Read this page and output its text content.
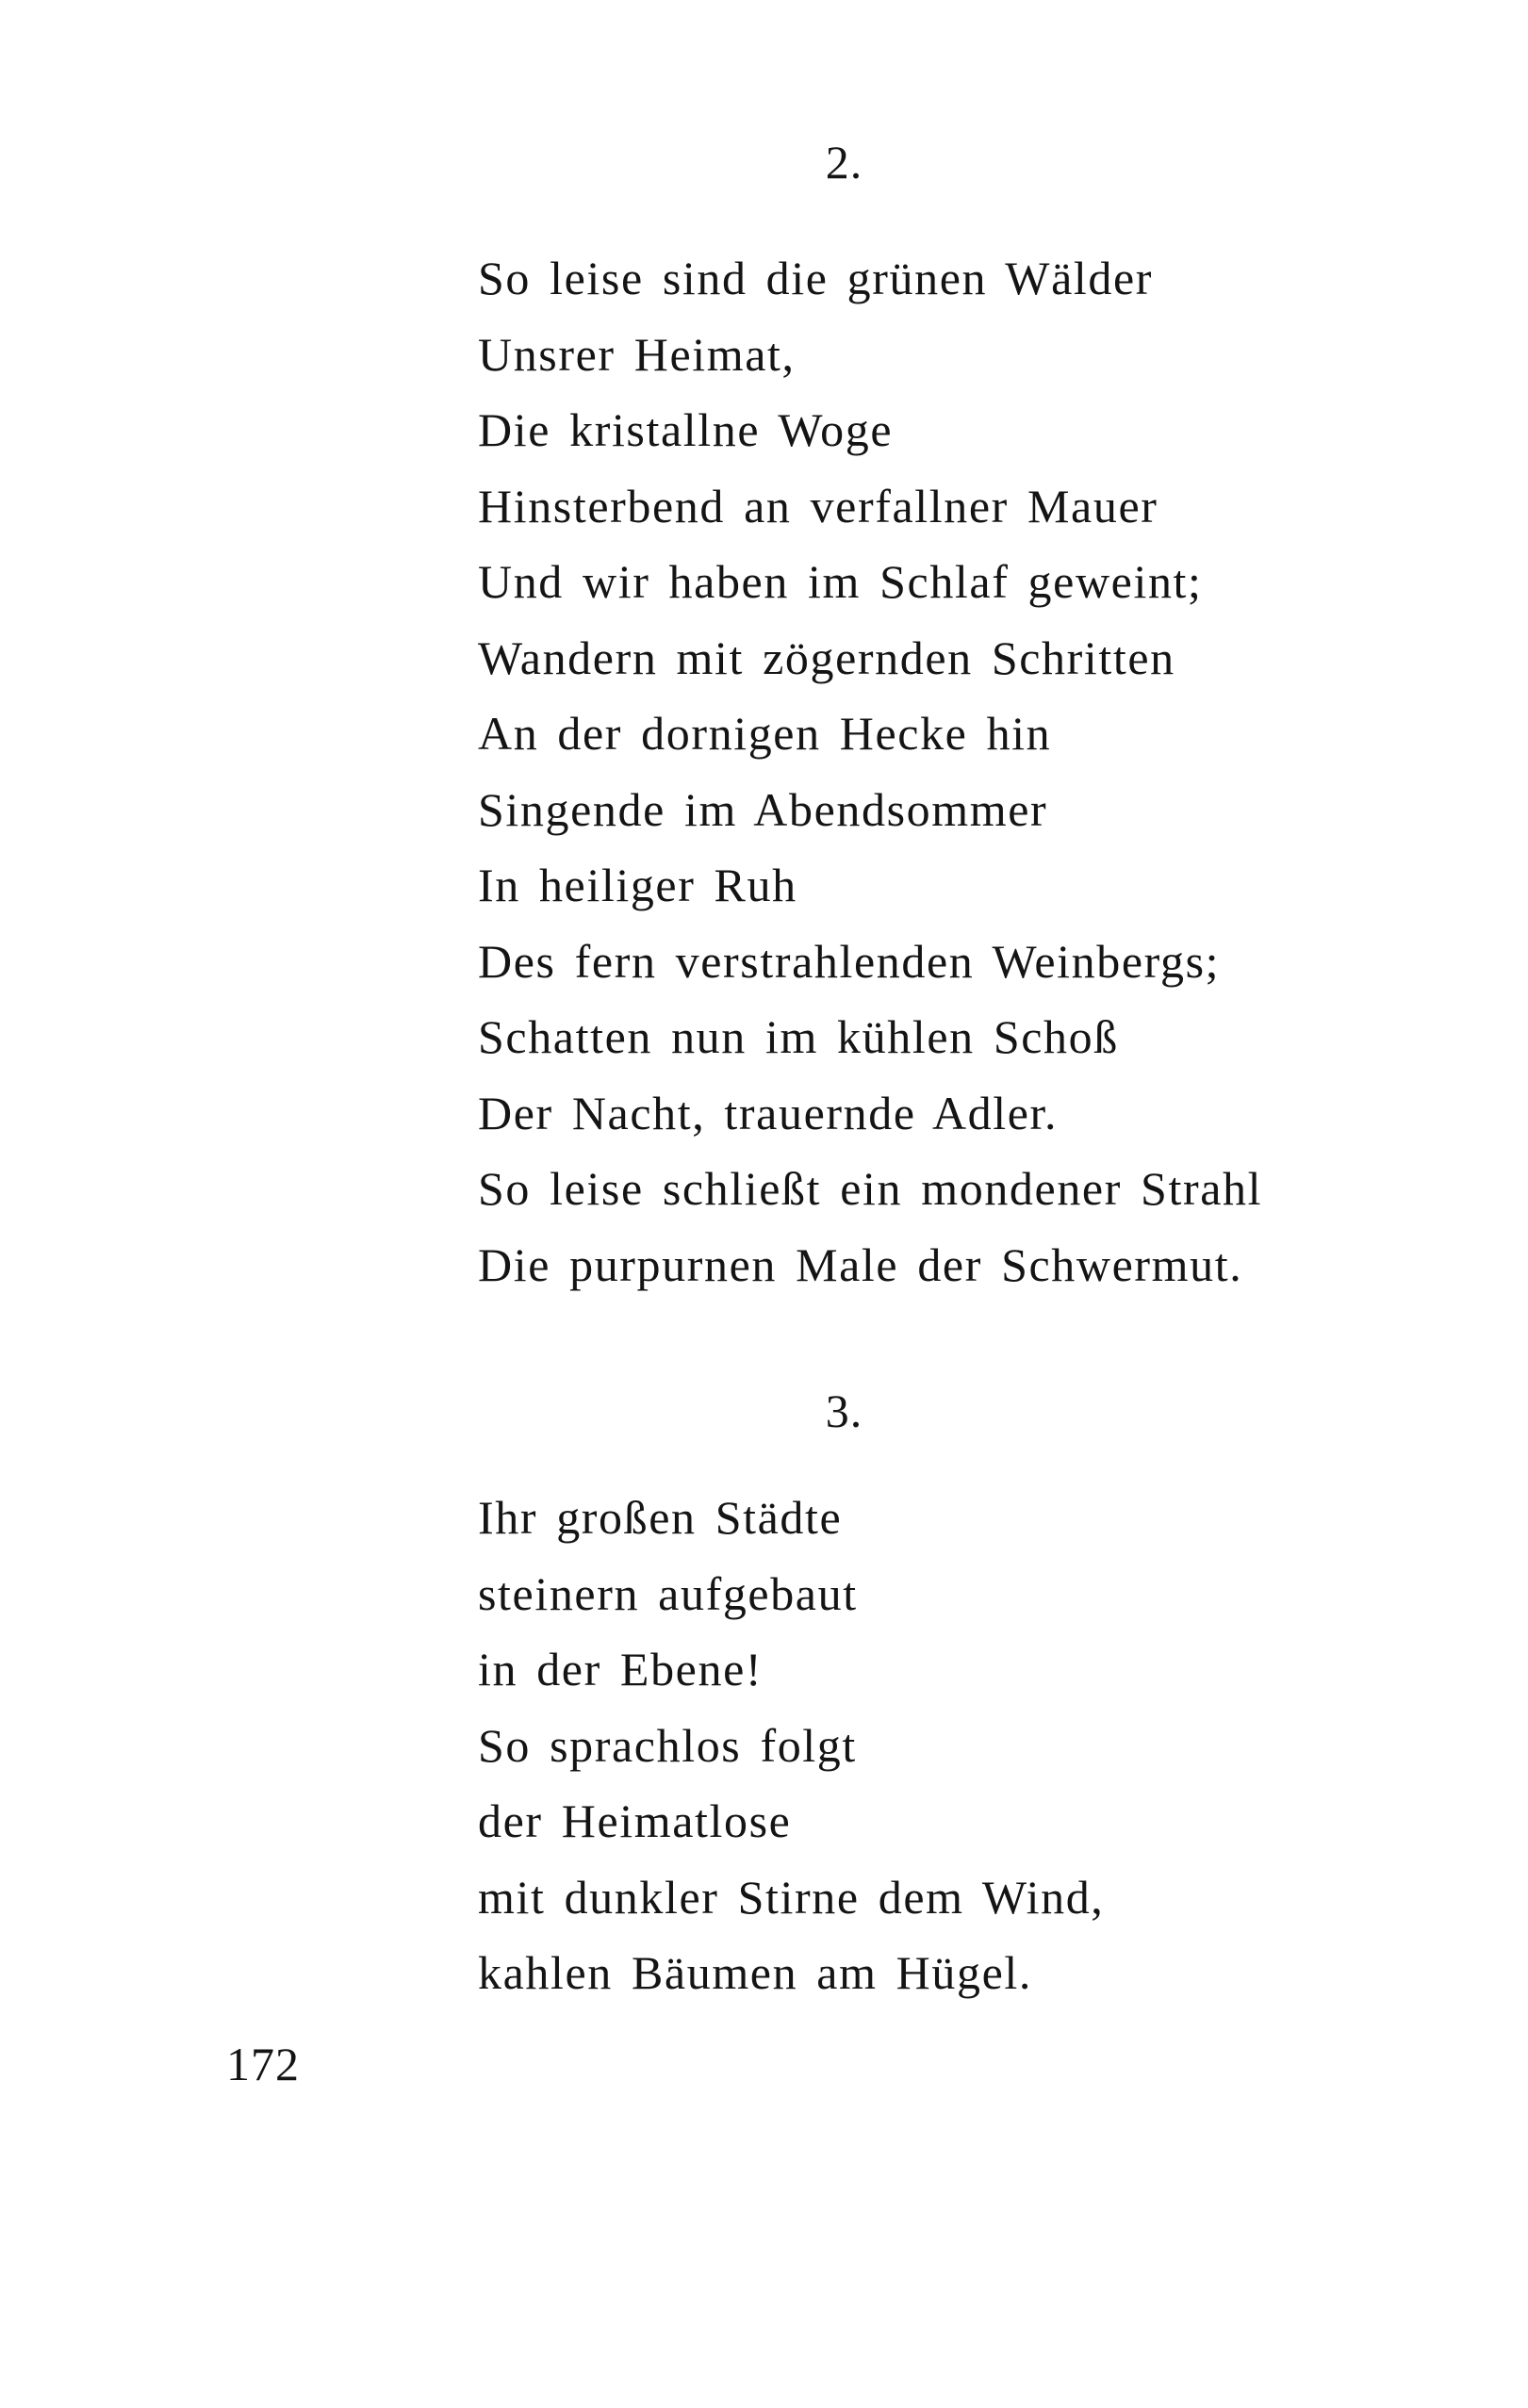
2.
So leise sind die grünen Wälder
Unsrer Heimat,
Die kristallne Woge
Hinsterbend an verfallner Mauer
Und wir haben im Schlaf geweint;
Wandern mit zögernden Schritten
An der dornigen Hecke hin
Singende im Abendsommer
In heiliger Ruh
Des fern verstrahlenden Weinbergs;
Schatten nun im kühlen Schoß
Der Nacht, trauernde Adler.
So leise schließt ein mondener Strahl
Die purpurnen Male der Schwermut.
3.
Ihr großen Städte
steinern aufgebaut
in der Ebene!
So sprachlos folgt
der Heimatlose
mit dunkler Stirne dem Wind,
kahlen Bäumen am Hügel.
172
